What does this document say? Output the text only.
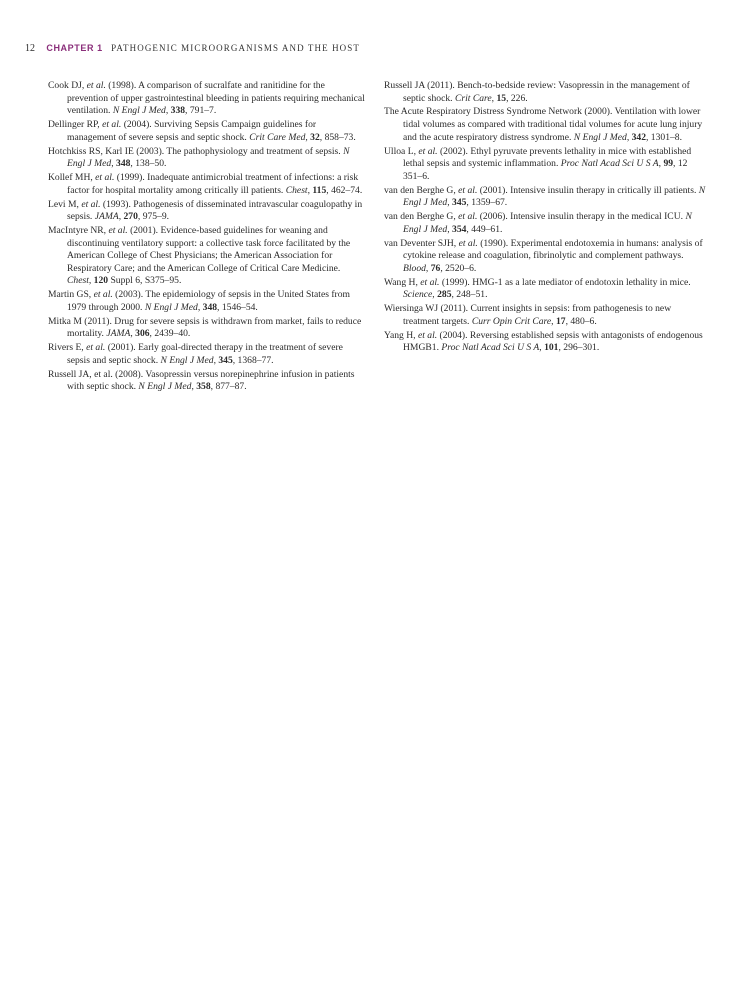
12 CHAPTER 1 PATHOGENIC MICROORGANISMS AND THE HOST
Cook DJ, et al. (1998). A comparison of sucralfate and ranitidine for the prevention of upper gastrointestinal bleeding in patients requiring mechanical ventilation. N Engl J Med, 338, 791–7.
Dellinger RP, et al. (2004). Surviving Sepsis Campaign guidelines for management of severe sepsis and septic shock. Crit Care Med, 32, 858–73.
Hotchkiss RS, Karl IE (2003). The pathophysiology and treatment of sepsis. N Engl J Med, 348, 138–50.
Kollef MH, et al. (1999). Inadequate antimicrobial treatment of infections: a risk factor for hospital mortality among critically ill patients. Chest, 115, 462–74.
Levi M, et al. (1993). Pathogenesis of disseminated intravascular coagulopathy in sepsis. JAMA, 270, 975–9.
MacIntyre NR, et al. (2001). Evidence-based guidelines for weaning and discontinuing ventilatory support: a collective task force facilitated by the American College of Chest Physicians; the American Association for Respiratory Care; and the American College of Critical Care Medicine. Chest, 120 Suppl 6, S375–95.
Martin GS, et al. (2003). The epidemiology of sepsis in the United States from 1979 through 2000. N Engl J Med, 348, 1546–54.
Mitka M (2011). Drug for severe sepsis is withdrawn from market, fails to reduce mortality. JAMA, 306, 2439–40.
Rivers E, et al. (2001). Early goal-directed therapy in the treatment of severe sepsis and septic shock. N Engl J Med, 345, 1368–77.
Russell JA, et al. (2008). Vasopressin versus norepinephrine infusion in patients with septic shock. N Engl J Med, 358, 877–87.
Russell JA (2011). Bench-to-bedside review: Vasopressin in the management of septic shock. Crit Care, 15, 226.
The Acute Respiratory Distress Syndrome Network (2000). Ventilation with lower tidal volumes as compared with traditional tidal volumes for acute lung injury and the acute respiratory distress syndrome. N Engl J Med, 342, 1301–8.
Ulloa L, et al. (2002). Ethyl pyruvate prevents lethality in mice with established lethal sepsis and systemic inflammation. Proc Natl Acad Sci U S A, 99, 12 351–6.
van den Berghe G, et al. (2001). Intensive insulin therapy in critically ill patients. N Engl J Med, 345, 1359–67.
van den Berghe G, et al. (2006). Intensive insulin therapy in the medical ICU. N Engl J Med, 354, 449–61.
van Deventer SJH, et al. (1990). Experimental endotoxemia in humans: analysis of cytokine release and coagulation, fibrinolytic and complement pathways. Blood, 76, 2520–6.
Wang H, et al. (1999). HMG-1 as a late mediator of endotoxin lethality in mice. Science, 285, 248–51.
Wiersinga WJ (2011). Current insights in sepsis: from pathogenesis to new treatment targets. Curr Opin Crit Care, 17, 480–6.
Yang H, et al. (2004). Reversing established sepsis with antagonists of endogenous HMGB1. Proc Natl Acad Sci U S A, 101, 296–301.
